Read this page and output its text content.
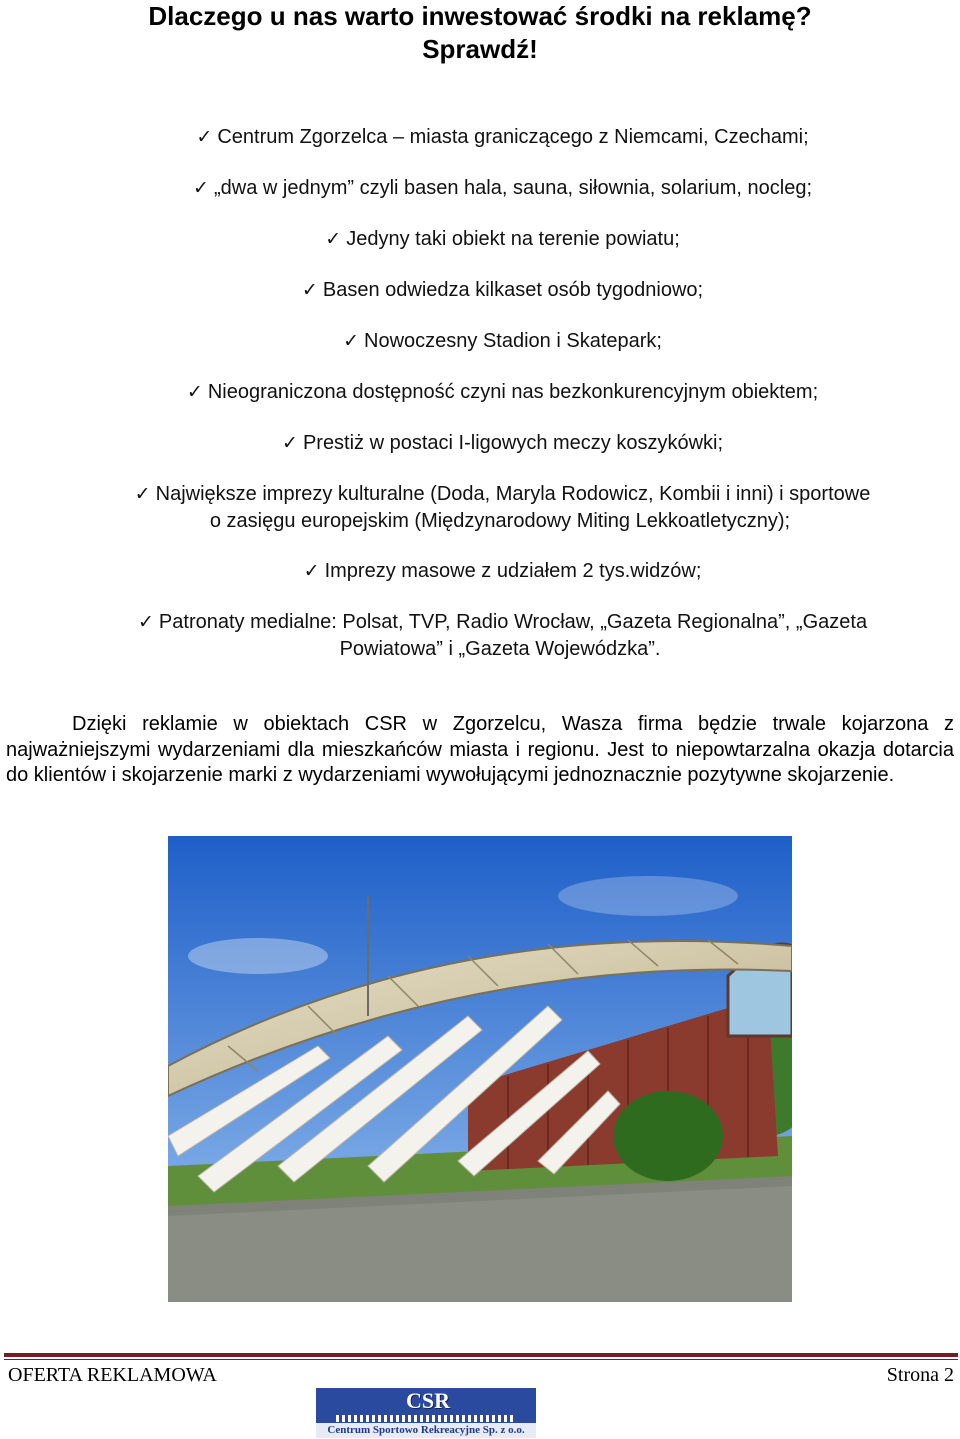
Dlaczego u nas warto inwestować środki na reklamę?
Sprawdź!
✓ Centrum Zgorzelca – miasta graniczącego z Niemcami, Czechami;
✓ „dwa w jednym” czyli basen hala, sauna, siłownia, solarium, nocleg;
✓ Jedyny taki obiekt na terenie powiatu;
✓ Basen odwiedza kilkaset osób tygodniowo;
✓ Nowoczesny Stadion i Skatepark;
✓ Nieograniczona dostępność czyni nas bezkonkurencyjnym obiektem;
✓ Prestiż w postaci I-ligowych meczy koszykówki;
✓ Największe imprezy kulturalne (Doda, Maryla Rodowicz, Kombii i inni) i sportowe
o zasięgu europejskim (Międzynarodowy Miting Lekkoatletyczny);
✓ Imprezy masowe z udziałem 2 tys.widzów;
✓ Patronaty medialne: Polsat, TVP, Radio Wrocław, „Gazeta Regionalna”, „Gazeta
Powiatowa” i „Gazeta Wojewódzka”.

Dzięki reklamie w obiektach CSR w Zgorzelcu, Wasza firma będzie trwale kojarzona z najważniejszymi wydarzeniami dla mieszkańców miasta i regionu. Jest to niepowtarzalna okazja dotarcia do klientów i skojarzenie marki z wydarzeniami wywołującymi jednoznacznie pozytywne skojarzenie.

OFERTA REKLAMOWA	Strona 2
CSR
Centrum Sportowo Rekreacyjne Sp. z o.o.
